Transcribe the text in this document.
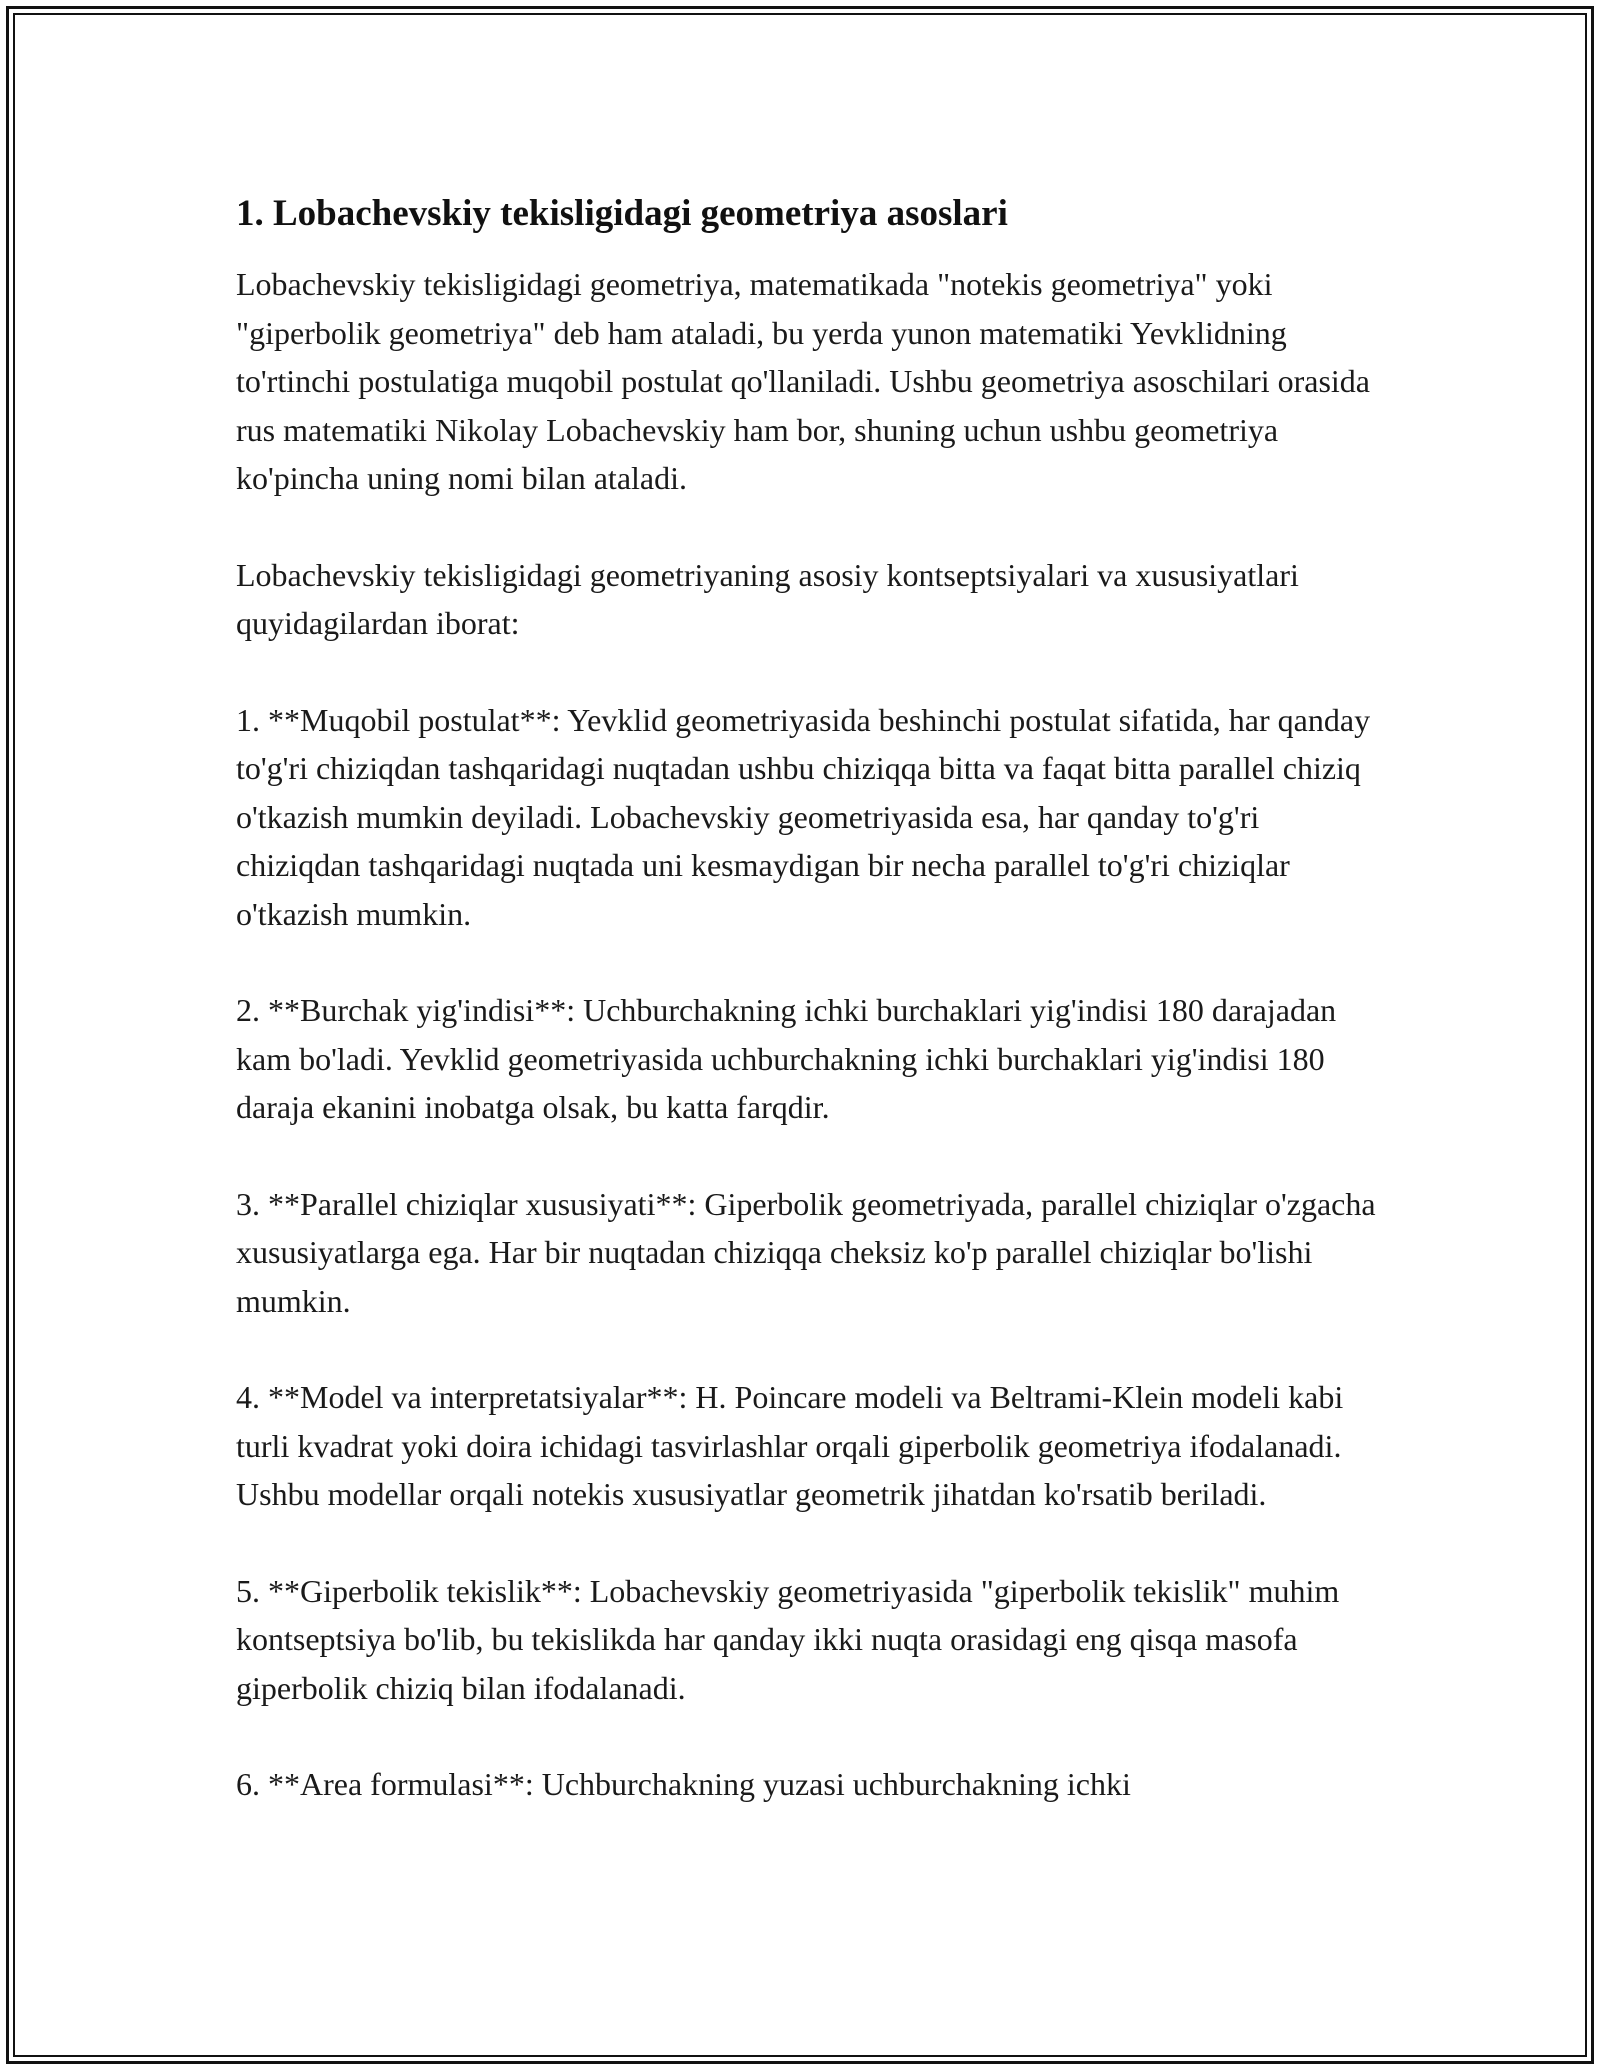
1. Lobachevskiy tekisligidagi geometriya asoslari

Lobachevskiy tekisligidagi geometriya, matematikada "notekis geometriya" yoki "giperbolik geometriya" deb ham ataladi, bu yerda yunon matematiki Yevklidning to'rtinchi postulatiga muqobil postulat qo'llaniladi. Ushbu geometriya asoschilari orasida rus matematiki Nikolay Lobachevskiy ham bor, shuning uchun ushbu geometriya ko'pincha uning nomi bilan ataladi.

Lobachevskiy tekisligidagi geometriyaning asosiy kontseptsiyalari va xususiyatlari quyidagilardan iborat:

1. **Muqobil postulat**: Yevklid geometriyasida beshinchi postulat sifatida, har qanday to'g'ri chiziqdan tashqaridagi nuqtadan ushbu chiziqqa bitta va faqat bitta parallel chiziq o'tkazish mumkin deyiladi. Lobachevskiy geometriyasida esa, har qanday to'g'ri chiziqdan tashqaridagi nuqtada uni kesmaydigan bir necha parallel to'g'ri chiziqlar o'tkazish mumkin.

2. **Burchak yig'indisi**: Uchburchakning ichki burchaklari yig'indisi 180 darajadan kam bo'ladi. Yevklid geometriyasida uchburchakning ichki burchaklari yig'indisi 180 daraja ekanini inobatga olsak, bu katta farqdir.

3. **Parallel chiziqlar xususiyati**: Giperbolik geometriyada, parallel chiziqlar o'zgacha xususiyatlarga ega. Har bir nuqtadan chiziqqa cheksiz ko'p parallel chiziqlar bo'lishi mumkin.

4. **Model va interpretatsiyalar**: H. Poincare modeli va Beltrami-Klein modeli kabi turli kvadrat yoki doira ichidagi tasvirlashlar orqali giperbolik geometriya ifodalanadi. Ushbu modellar orqali notekis xususiyatlar geometrik jihatdan ko'rsatib beriladi.

5. **Giperbolik tekislik**: Lobachevskiy geometriyasida "giperbolik tekislik" muhim kontseptsiya bo'lib, bu tekislikda har qanday ikki nuqta orasidagi eng qisqa masofa giperbolik chiziq bilan ifodalanadi.

6. **Area formulasi**: Uchburchakning yuzasi uchburchakning ichki
